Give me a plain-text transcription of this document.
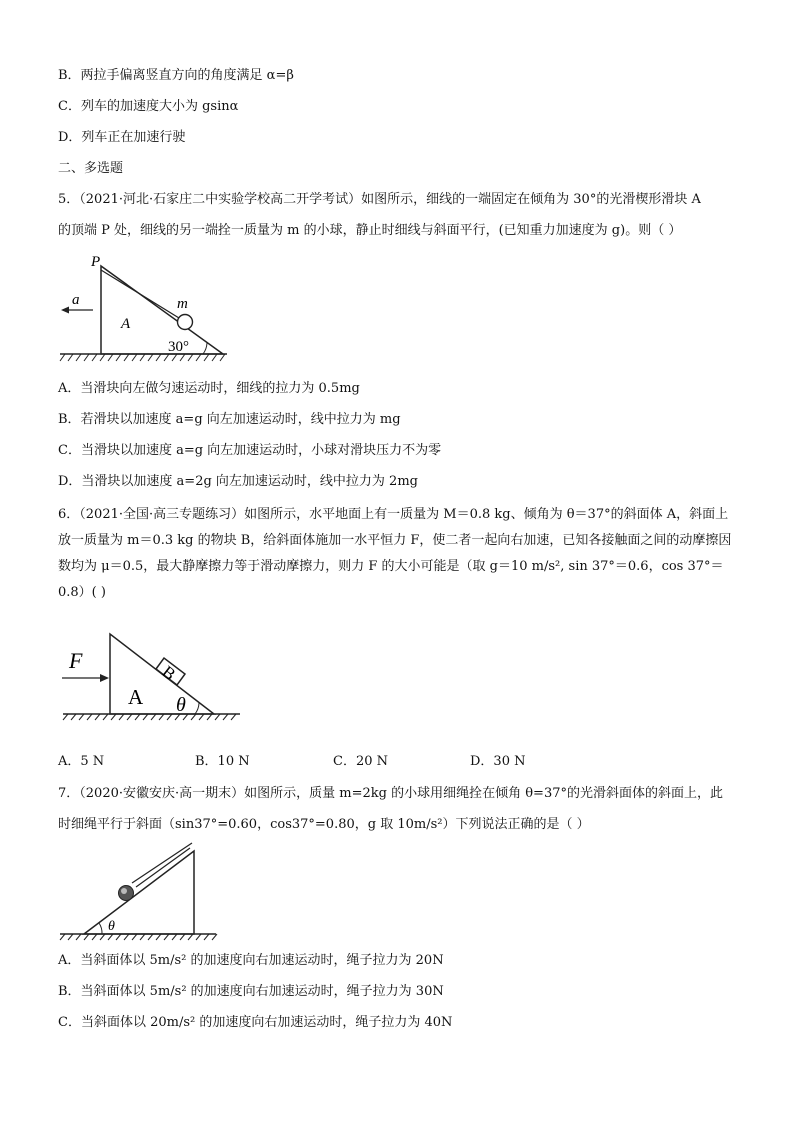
B．两拉手偏离竖直方向的角度满足 α=β
C．列车的加速度大小为 gsinα
D．列车正在加速行驶
二、多选题
5．（2021·河北·石家庄二中实验学校高二开学考试）如图所示，细线的一端固定在倾角为 30°的光滑楔形滑块 A
的顶端 P 处，细线的另一端拴一质量为 m 的小球，静止时细线与斜面平行，(已知重力加速度为 g)。则（ ）
P
m
a
A
30°
A．当滑块向左做匀速运动时，细线的拉力为 0.5mg
B．若滑块以加速度 a=g 向左加速运动时，线中拉力为 mg
C．当滑块以加速度 a=g 向左加速运动时，小球对滑块压力不为零
D．当滑块以加速度 a=2g 向左加速运动时，线中拉力为 2mg
6．（2021·全国·高三专题练习）如图所示，水平地面上有一质量为 M＝0.8 kg、倾角为 θ＝37°的斜面体 A，斜面上放一质量为 m＝0.3 kg 的物块 B，给斜面体施加一水平恒力 F，使二者一起向右加速，已知各接触面之间的动摩擦因数均为 μ＝0.5，最大静摩擦力等于滑动摩擦力，则力 F 的大小可能是（取 g＝10 m/s², sin 37°＝0.6，cos 37°＝0.8）( )
F
A
B
θ
A．5 N	B．10 N	C．20 N	D．30 N
7．（2020·安徽安庆·高一期末）如图所示，质量 m=2kg 的小球用细绳拴在倾角 θ=37°的光滑斜面体的斜面上，此
时细绳平行于斜面（sin37°=0.60，cos37°=0.80，g 取 10m/s²）下列说法正确的是（ ）
θ
A．当斜面体以 5m/s² 的加速度向右加速运动时，绳子拉力为 20N
B．当斜面体以 5m/s² 的加速度向右加速运动时，绳子拉力为 30N
C．当斜面体以 20m/s² 的加速度向右加速运动时，绳子拉力为 40N
